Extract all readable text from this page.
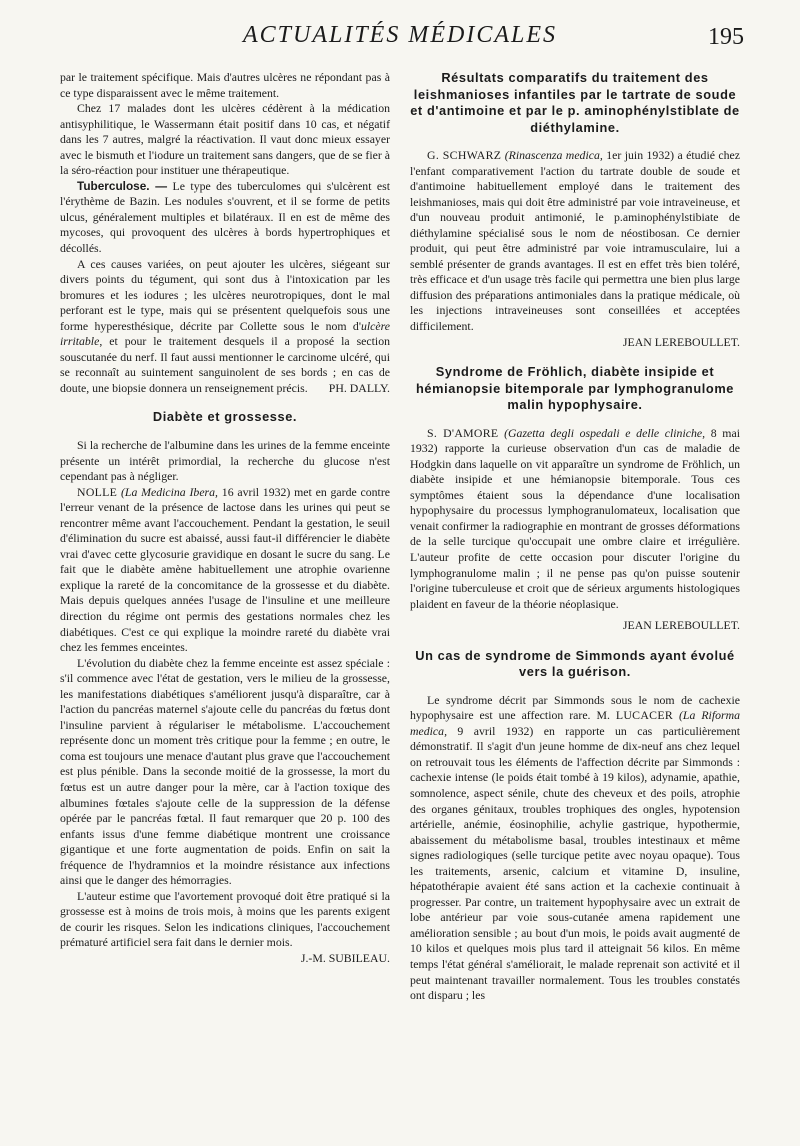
ACTUALITÉS MÉDICALES	195

par le traitement spécifique. Mais d'autres ulcères ne répondant pas à ce type disparaissent avec le même traitement.

Chez 17 malades dont les ulcères cédèrent à la médication antisyphilitique, le Wassermann était positif dans 10 cas, et négatif dans les 7 autres, malgré la réactivation. Il vaut donc mieux essayer avec le bismuth et l'iodure un traitement sans dangers, que de se fier à la séro-réaction pour instituer une thérapeutique.

Tuberculose. — Le type des tuberculomes qui s'ulcèrent est l'érythème de Bazin. Les nodules s'ouvrent, et il se forme de petits ulcus, généralement multiples et bilatéraux. Il en est de même des mycoses, qui provoquent des ulcères à bords hypertrophiques et décollés.

A ces causes variées, on peut ajouter les ulcères, siégeant sur divers points du tégument, qui sont dus à l'intoxication par les bromures et les iodures ; les ulcères neurotropiques, dont le mal perforant est le type, mais qui se présentent quelquefois sous une forme hyperesthésique, décrite par Collette sous le nom d'ulcère irritable, et pour le traitement desquels il a proposé la section souscutanée du nerf. Il faut aussi mentionner le carcinome ulcéré, qui se reconnaît au suintement sanguinolent de ses bords ; en cas de doute, une biopsie donnera un renseignement précis. PH. DALLY.

Diabète et grossesse.

Si la recherche de l'albumine dans les urines de la femme enceinte présente un intérêt primordial, la recherche du glucose n'est cependant pas à négliger.

NOLLE (La Medicina Ibera, 16 avril 1932) met en garde contre l'erreur venant de la présence de lactose dans les urines qui peut se rencontrer même avant l'accouchement. Pendant la gestation, le seuil d'élimination du sucre est abaissé, aussi faut-il différencier le diabète vrai d'avec cette glycosurie gravidique en dosant le sucre du sang. Le fait que le diabète amène habituellement une atrophie ovarienne explique la rareté de la concomitance de la grossesse et du diabète. Mais depuis quelques années l'usage de l'insuline et une meilleure direction du régime ont permis des gestations normales chez les diabétiques. C'est ce qui explique la moindre rareté du diabète vrai chez les femmes enceintes.

L'évolution du diabète chez la femme enceinte est assez spéciale : s'il commence avec l'état de gestation, vers le milieu de la grossesse, les manifestations diabétiques s'améliorent jusqu'à disparaître, car à l'action du pancréas maternel s'ajoute celle du pancréas du fœtus dont l'insuline parvient à régulariser le métabolisme. L'accouchement représente donc un moment très critique pour la femme ; en outre, le coma est toujours une menace d'autant plus grave que l'accouchement est plus pénible. Dans la seconde moitié de la grossesse, la mort du fœtus est un autre danger pour la mère, car à l'action toxique des albumines fœtales s'ajoute celle de la suppression de la défense opérée par le pancréas fœtal. Il faut remarquer que 20 p. 100 des enfants issus d'une femme diabétique montrent une croissance gigantique et une forte augmentation de poids. Enfin on sait la fréquence de l'hydramnios et la moindre résistance aux infections ainsi que le danger des hémorragies.

L'auteur estime que l'avortement provoqué doit être pratiqué si la grossesse est à moins de trois mois, à moins que les parents exigent de courir les risques. Selon les indications cliniques, l'accouchement prématuré artificiel sera fait dans le dernier mois.
J.-M. SUBILEAU.

Résultats comparatifs du traitement des leishmanioses infantiles par le tartrate de soude et d'antimoine et par le p. aminophénylstiblate de diéthylamine.

G. SCHWARZ (Rinascenza medica, 1er juin 1932) a étudié chez l'enfant comparativement l'action du tartrate double de soude et d'antimoine habituellement employé dans le traitement des leishmanioses, mais qui doit être administré par voie intraveineuse, et d'un nouveau produit antimonié, le p.aminophénylstibiate de diéthylamine spécialisé sous le nom de néostibosan. Ce dernier produit, qui peut être administré par voie intramusculaire, lui a semblé présenter de grands avantages. Il est en effet très bien toléré, très efficace et d'un usage très facile qui permettra une bien plus large diffusion des préparations antimoniales dans la pratique médicale, où les injections intraveineuses sont conseillées et acceptées difficilement.

JEAN LEREBOULLET.

Syndrome de Fröhlich, diabète insipide et hémianopsie bitemporale par lymphogranulome malin hypophysaire.

S. D'AMORE (Gazetta degli ospedali e delle cliniche, 8 mai 1932) rapporte la curieuse observation d'un cas de maladie de Hodgkin dans laquelle on vit apparaître un syndrome de Fröhlich, un diabète insipide et une hémianopsie bitemporale. Tous ces symptômes étaient sous la dépendance d'une localisation hypophysaire du processus lymphogranulomateux, localisation que venait confirmer la radiographie en montrant de grosses déformations de la selle turcique qu'occupait une ombre claire et irrégulière. L'auteur profite de cette occasion pour discuter l'origine du lymphogranulome malin ; il ne pense pas qu'on puisse soutenir l'origine tuberculeuse et croit que de sérieux arguments histologiques plaident en faveur de la théorie néoplasique.

JEAN LEREBOULLET.

Un cas de syndrome de Simmonds ayant évolué vers la guérison.

Le syndrome décrit par Simmonds sous le nom de cachexie hypophysaire est une affection rare. M. LUCACER (La Riforma medica, 9 avril 1932) en rapporte un cas particulièrement démonstratif. Il s'agit d'un jeune homme de dix-neuf ans chez lequel on retrouvait tous les éléments de l'affection décrite par Simmonds : cachexie intense (le poids était tombé à 19 kilos), adynamie, apathie, somnolence, aspect sénile, chute des cheveux et des poils, atrophie des organes génitaux, troubles trophiques des ongles, hypotension artérielle, anémie, éosinophilie, achylie gastrique, hypothermie, abaissement du métabolisme basal, troubles intestinaux et même signes radiologiques (selle turcique petite avec noyau opaque). Tous les traitements, arsenic, calcium et vitamine D, insuline, hépatothérapie avaient été sans action et la cachexie continuait à progresser. Par contre, un traitement hypophysaire avec un extrait de lobe antérieur par voie sous-cutanée amena rapidement une amélioration sensible ; au bout d'un mois, le poids avait augmenté de 10 kilos et quelques mois plus tard il atteignait 56 kilos. En même temps l'état général s'améliorait, le malade reprenait son activité et il peut maintenant travailler normalement. Tous les troubles constatés ont disparu ; les
